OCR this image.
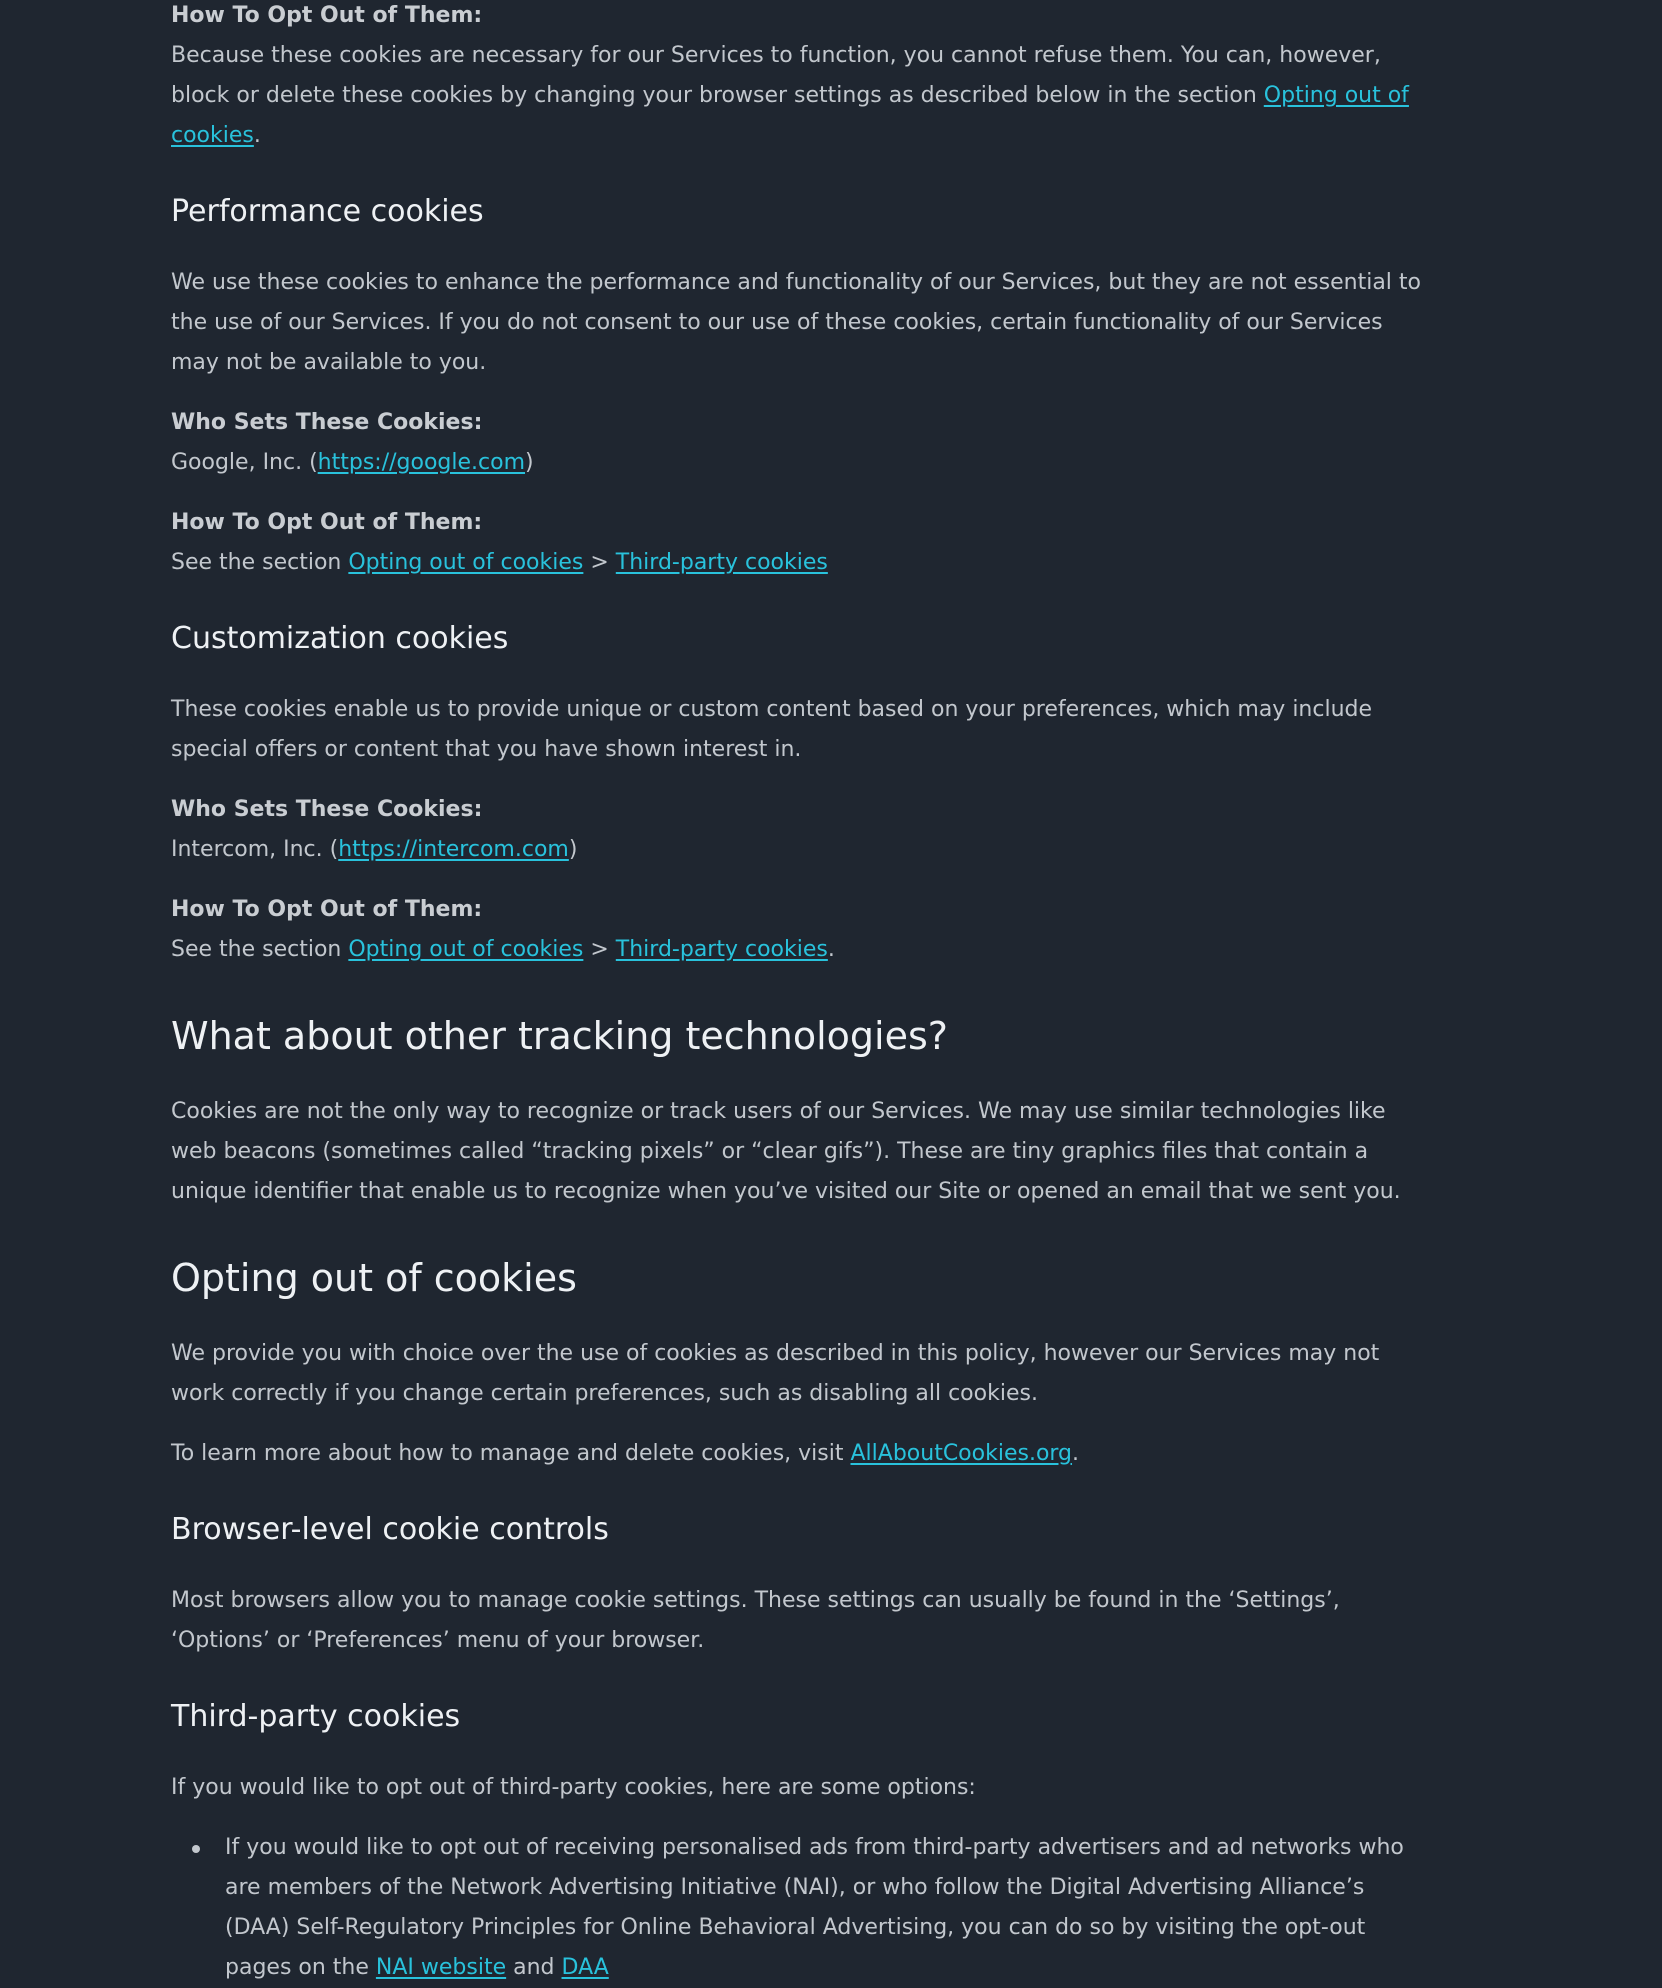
How To Opt Out of Them:

Because these cookies are necessary for our Services to function, you cannot refuse them. You can, however, block or delete these cookies by changing your browser settings as described below in the section Opting out of cookies.

Performance cookies

We use these cookies to enhance the performance and functionality of our Services, but they are not essential to the use of our Services. If you do not consent to our use of these cookies, certain functionality of our Services may not be available to you.

Who Sets These Cookies:

Google, Inc. (https://google.com)

How To Opt Out of Them:

See the section Opting out of cookies > Third-party cookies

Customization cookies

These cookies enable us to provide unique or custom content based on your preferences, which may include special offers or content that you have shown interest in.

Who Sets These Cookies:

Intercom, Inc. (https://intercom.com)

How To Opt Out of Them:

See the section Opting out of cookies > Third-party cookies.

What about other tracking technologies?

Cookies are not the only way to recognize or track users of our Services. We may use similar technologies like web beacons (sometimes called “tracking pixels” or “clear gifs”). These are tiny graphics files that contain a unique identifier that enable us to recognize when you’ve visited our Site or opened an email that we sent you.

Opting out of cookies

We provide you with choice over the use of cookies as described in this policy, however our Services may not work correctly if you change certain preferences, such as disabling all cookies.

To learn more about how to manage and delete cookies, visit AllAboutCookies.org.

Browser-level cookie controls

Most browsers allow you to manage cookie settings. These settings can usually be found in the ‘Settings’, ‘Options’ or ‘Preferences’ menu of your browser.

Third-party cookies

If you would like to opt out of third-party cookies, here are some options:

If you would like to opt out of receiving personalised ads from third-party advertisers and ad networks who are members of the Network Advertising Initiative (NAI), or who follow the Digital Advertising Alliance’s (DAA) Self-Regulatory Principles for Online Behavioral Advertising, you can do so by visiting the opt-out pages on the NAI website and DAA
